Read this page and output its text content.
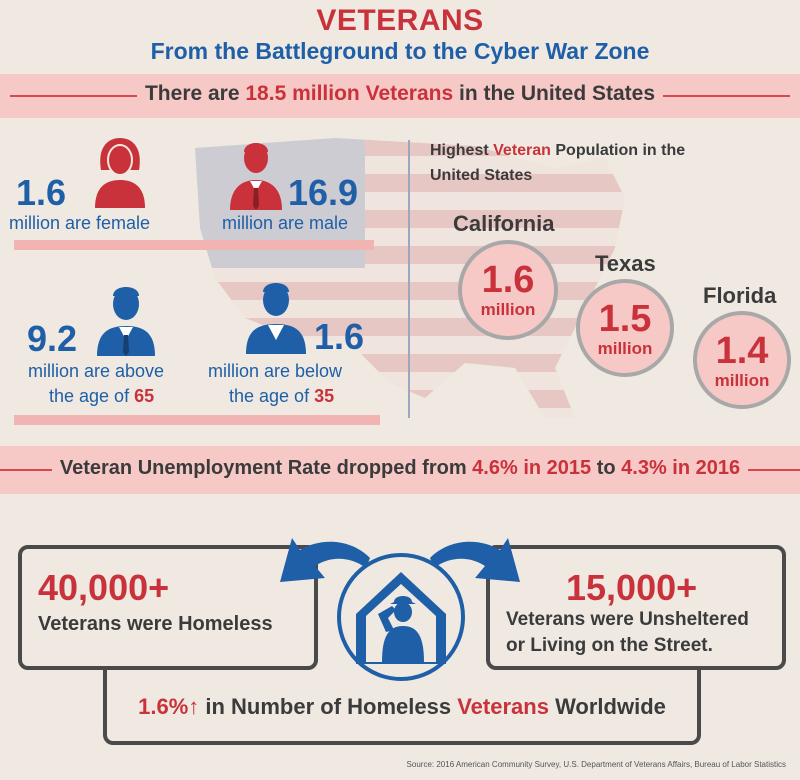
VETERANS
From the Battleground to the Cyber War Zone
There are 18.5 million Veterans in the United States
1.6
million are female
16.9
million are male
9.2
million are above
the age of 65
1.6
million are below
the age of 35
Highest Veteran Population in the
United States
California
1.6
million
Texas
1.5
million
Florida
1.4
million
Veteran Unemployment Rate dropped from 4.6% in 2015 to 4.3% in 2016
40,000+
Veterans were Homeless
15,000+
Veterans were Unsheltered
or Living on the Street.
1.6%↑ in Number of Homeless Veterans Worldwide
Source: 2016 American Community Survey, U.S. Department of Veterans Affairs, Bureau of Labor Statistics
